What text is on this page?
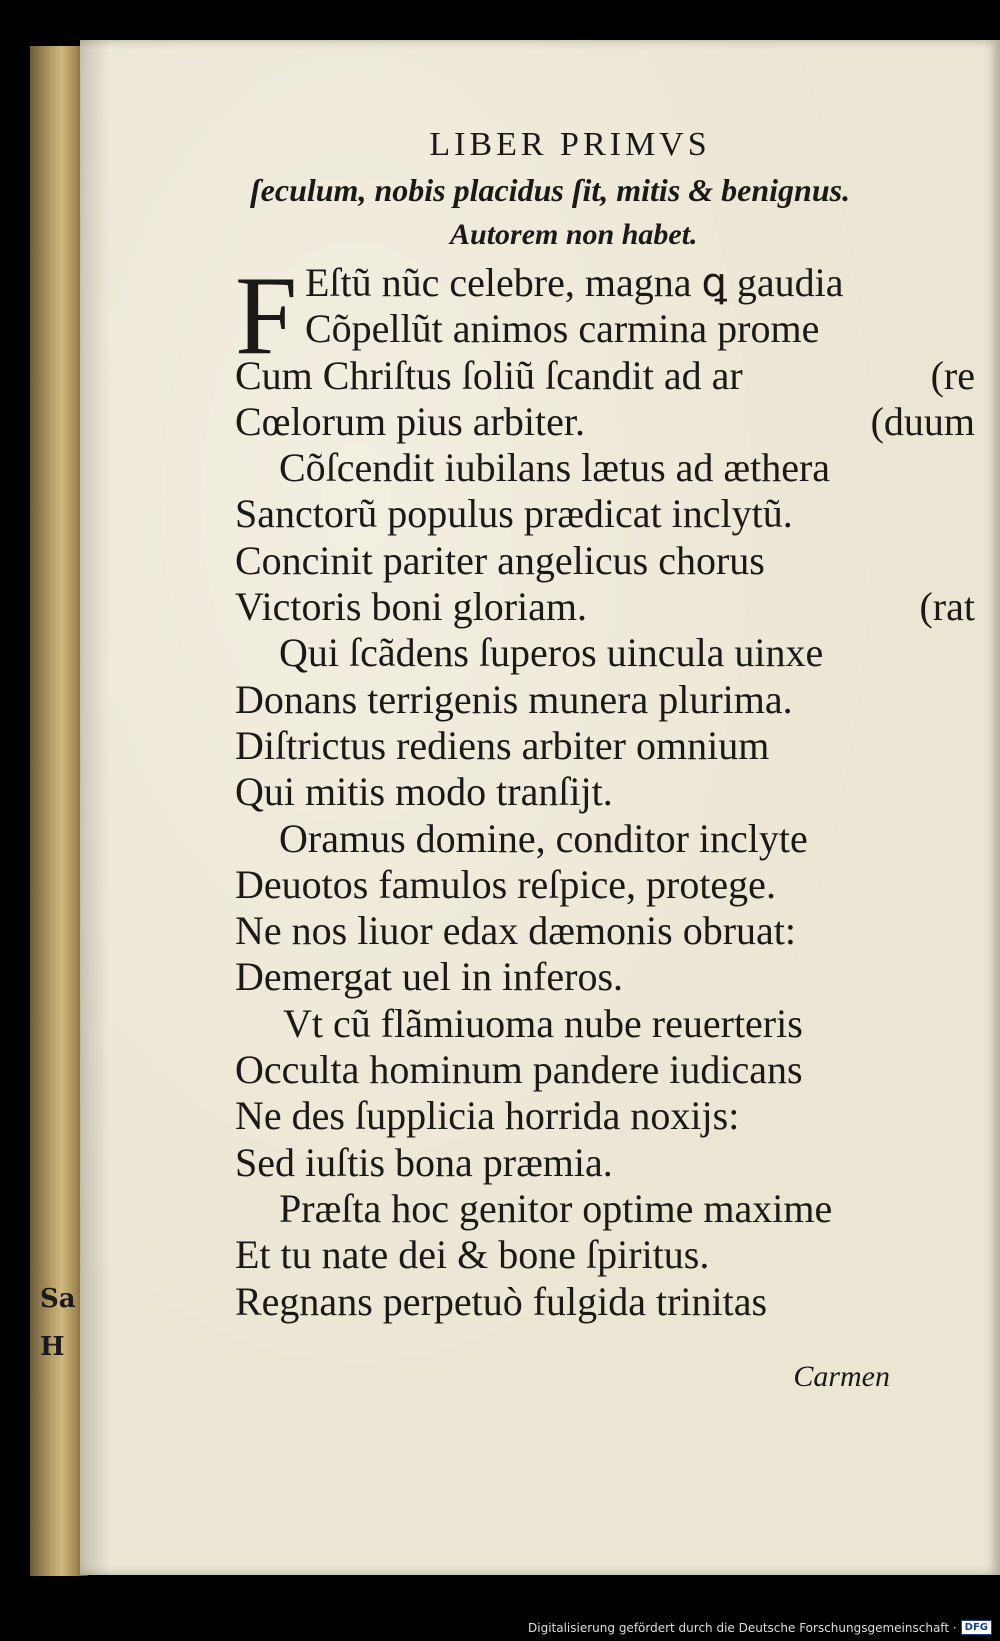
Sa
H
LIBER PRIMVS
ſeculum, nobis placidus ſit, mitis & benignus.
Autorem non habet.
F Eſtũ nũc celebre, magna ꝗ gaudia
Cõpellũt animos carmina prome
Cum Chriſtus ſoliũ ſcandit ad ar	(re
Cœlorum pius arbiter.	(duum
Cõſcendit iubilans lætus ad æthera
Sanctorũ populus prædicat inclytũ.
Concinit pariter angelicus chorus
Victoris boni gloriam.	(rat
Qui ſcãdens ſuperos uincula uinxe
Donans terrigenis munera plurima.
Diſtrictus rediens arbiter omnium
Qui mitis modo tranſijt.
Oramus domine, conditor inclyte
Deuotos famulos reſpice, protege.
Ne nos liuor edax dæmonis obruat:
Demergat uel in inferos.
Vt cũ flãmiuoma nube reuerteris
Occulta hominum pandere iudicans
Ne des ſupplicia horrida noxijs:
Sed iuſtis bona præmia.
Præſta hoc genitor optime maxime
Et tu nate dei & bone ſpiritus.
Regnans perpetuò fulgida trinitas
Carmen
Digitalisierung gefördert durch die Deutsche Forschungsgemeinschaft · DFG
